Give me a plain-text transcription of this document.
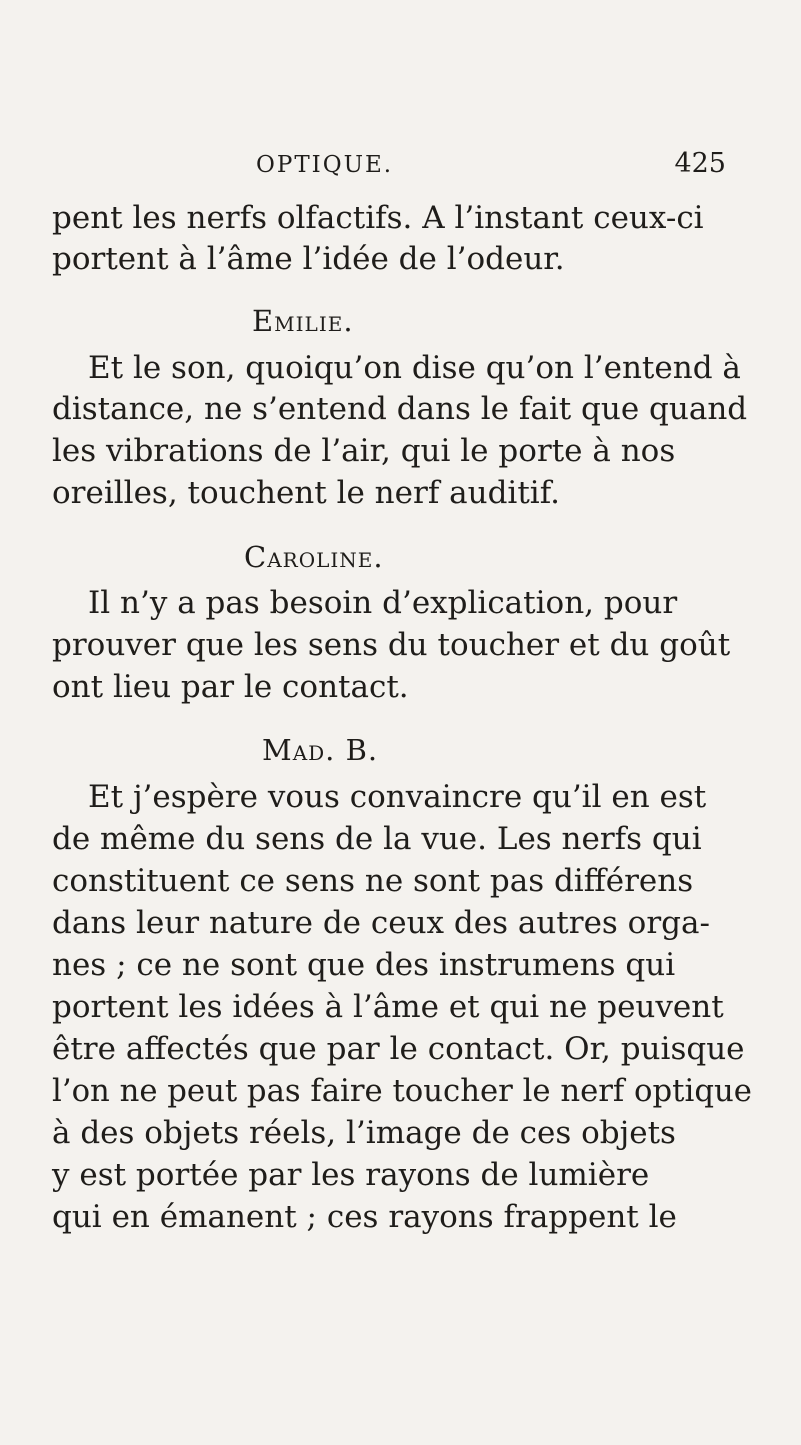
OPTIQUE.	425
pent les nerfs olfactifs. A l’instant ceux-ci
portent à l’âme l’idée de l’odeur.
Emilie.
Et le son, quoiqu’on dise qu’on l’entend à
distance, ne s’entend dans le fait que quand
les vibrations de l’air, qui le porte à nos
oreilles, touchent le nerf auditif.
Caroline.
Il n’y a pas besoin d’explication, pour
prouver que les sens du toucher et du goût
ont lieu par le contact.
Mad. B.
Et j’espère vous convaincre qu’il en est
de même du sens de la vue. Les nerfs qui
constituent ce sens ne sont pas différens
dans leur nature de ceux des autres orga-
nes ; ce ne sont que des instrumens qui
portent les idées à l’âme et qui ne peuvent
être affectés que par le contact. Or, puisque
l’on ne peut pas faire toucher le nerf optique
à des objets réels, l’image de ces objets
y est portée par les rayons de lumière
qui en émanent ; ces rayons frappent le
